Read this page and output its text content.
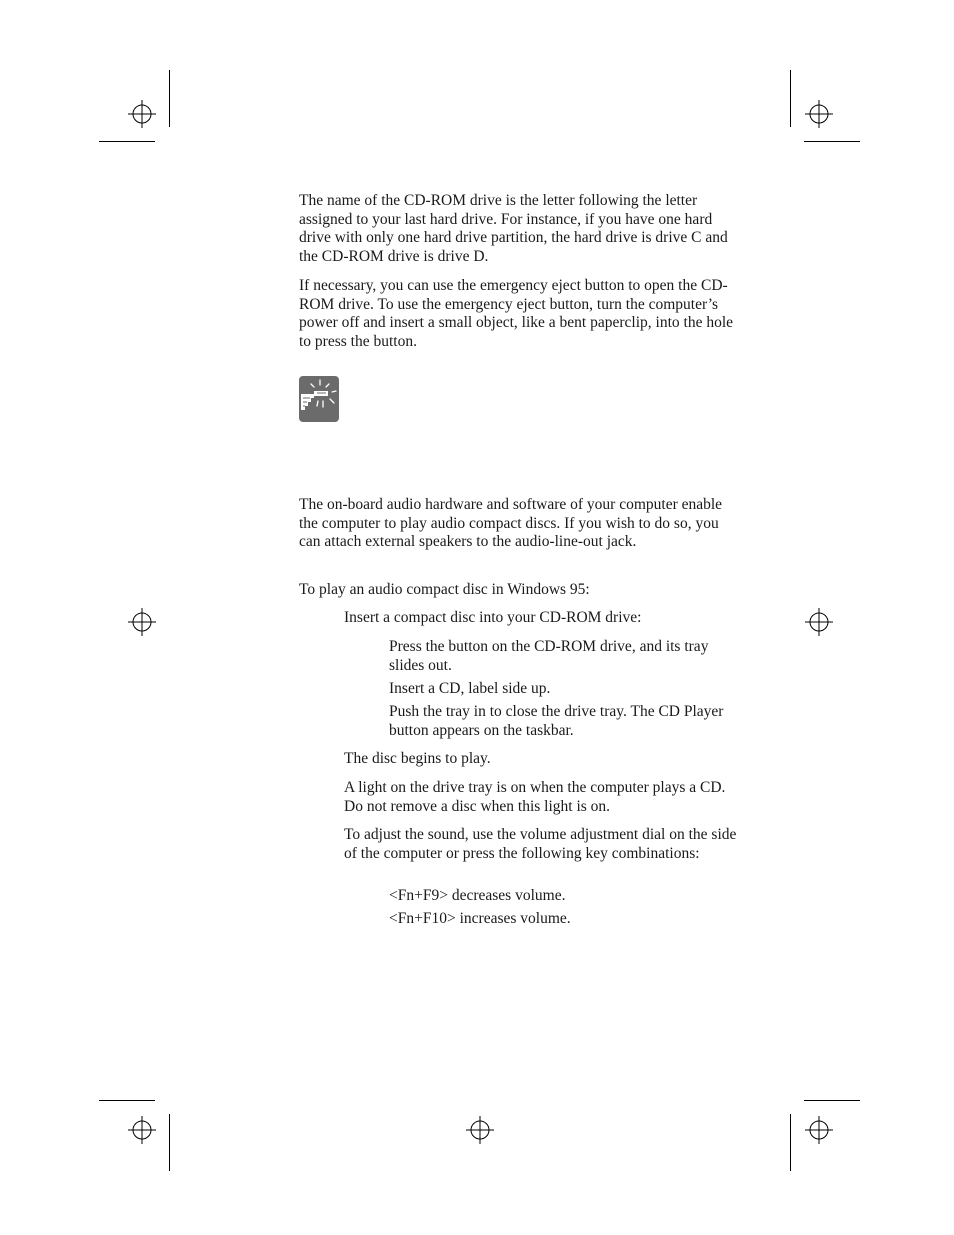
The name of the CD-ROM drive is the letter following the letter assigned to your last hard drive. For instance, if you have one hard drive with only one hard drive partition, the hard drive is drive C and the CD-ROM drive is drive D.

If necessary, you can use the emergency eject button to open the CD-ROM drive. To use the emergency eject button, turn the computer’s power off and insert a small object, like a bent paperclip, into the hole to press the button.

The on-board audio hardware and software of your computer enable the computer to play audio compact discs. If you wish to do so, you can attach external speakers to the audio-line-out jack.

To play an audio compact disc in Windows 95:

Insert a compact disc into your CD-ROM drive:

Press the button on the CD-ROM drive, and its tray slides out.

Insert a CD, label side up.

Push the tray in to close the drive tray. The CD Player button appears on the taskbar.

The disc begins to play.

A light on the drive tray is on when the computer plays a CD. Do not remove a disc when this light is on.

To adjust the sound, use the volume adjustment dial on the side of the computer or press the following key combinations:

<Fn+F9> decreases volume.

<Fn+F10> increases volume.
